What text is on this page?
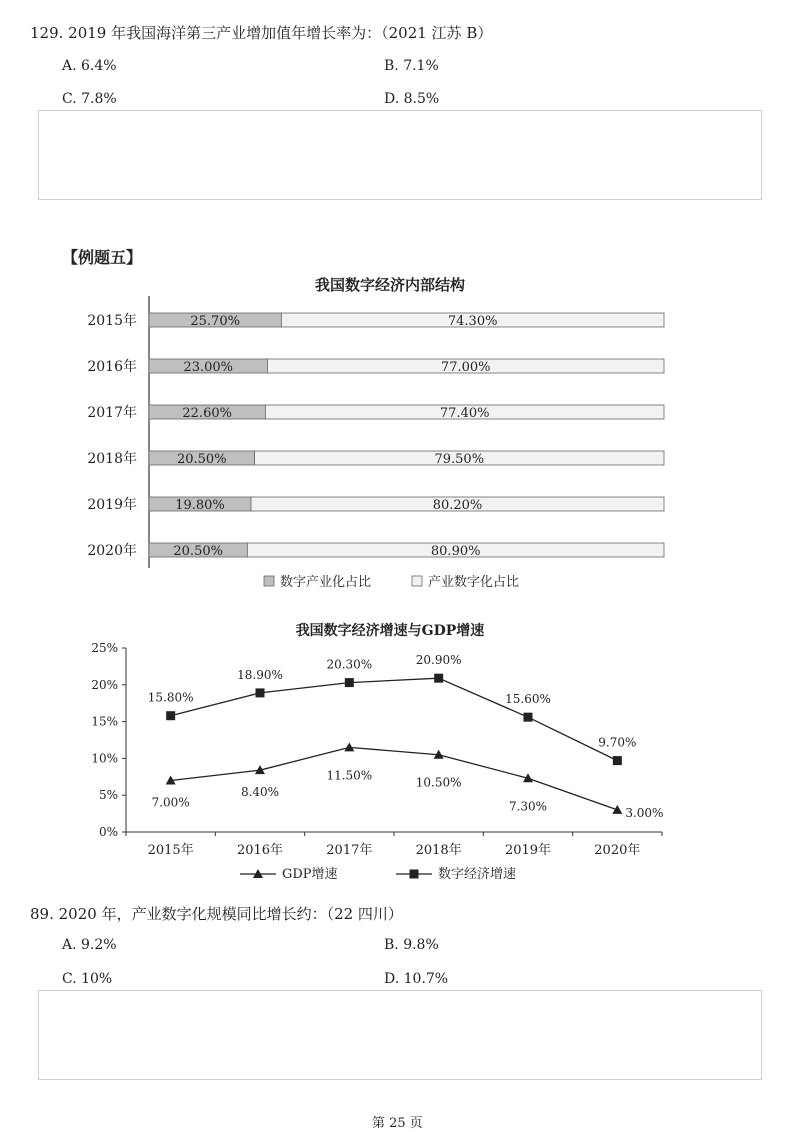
129. 2019 年我国海洋第三产业增加值年增长率为：（2021 江苏 B）
A. 6.4%	B. 7.1%
C. 7.8%	D. 8.5%
【例题五】
我国数字经济内部结构
2015年	25.70%	74.30%
2016年	23.00%	77.00%
2017年	22.60%	77.40%
2018年	20.50%	79.50%
2019年	19.80%	80.20%
2020年	20.50%	80.90%
数字产业化占比	产业数字化占比
我国数字经济增速与GDP增速
0%
5%
10%
15%
20%
25%
2015年	2016年	2017年	2018年	2019年	2020年
7.00%
8.40%
11.50%
10.50%
7.30%	3.00%
15.80%
18.90%
20.30%	20.90%
15.60%
9.70%
GDP增速	数字经济增速
89. 2020 年，产业数字化规模同比增长约：（22 四川）
A. 9.2%	B. 9.8%
C. 10%	D. 10.7%
第 25 页
